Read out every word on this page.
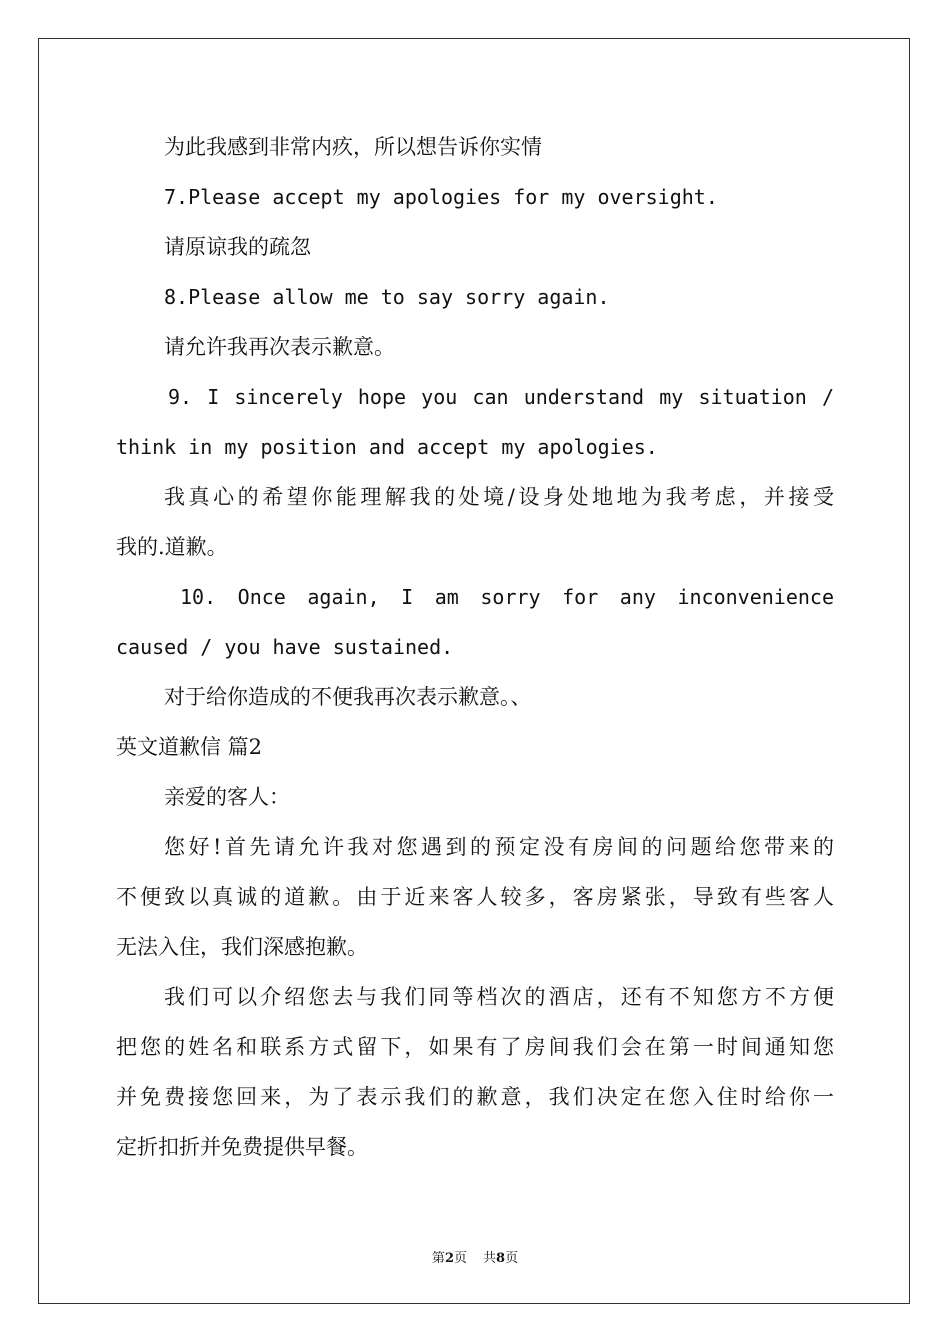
为此我感到非常内疚，所以想告诉你实情
7.Please accept my apologies for my oversight.
请原谅我的疏忽
8.Please allow me to say sorry again.
请允许我再次表示歉意。
9. I sincerely hope you can understand my situation /
think in my position and accept my apologies.
我真心的希望你能理解我的处境/设身处地地为我考虑，并接受
我的.道歉。
10. Once again, I am sorry for any inconvenience
caused / you have sustained.
对于给你造成的不便我再次表示歉意。、
英文道歉信 篇2
亲爱的客人：
您好!首先请允许我对您遇到的预定没有房间的问题给您带来的
不便致以真诚的道歉。由于近来客人较多，客房紧张，导致有些客人
无法入住，我们深感抱歉。
我们可以介绍您去与我们同等档次的酒店，还有不知您方不方便
把您的姓名和联系方式留下，如果有了房间我们会在第一时间通知您
并免费接您回来，为了表示我们的歉意，我们决定在您入住时给你一
定折扣折并免费提供早餐。
第2页 共8页
